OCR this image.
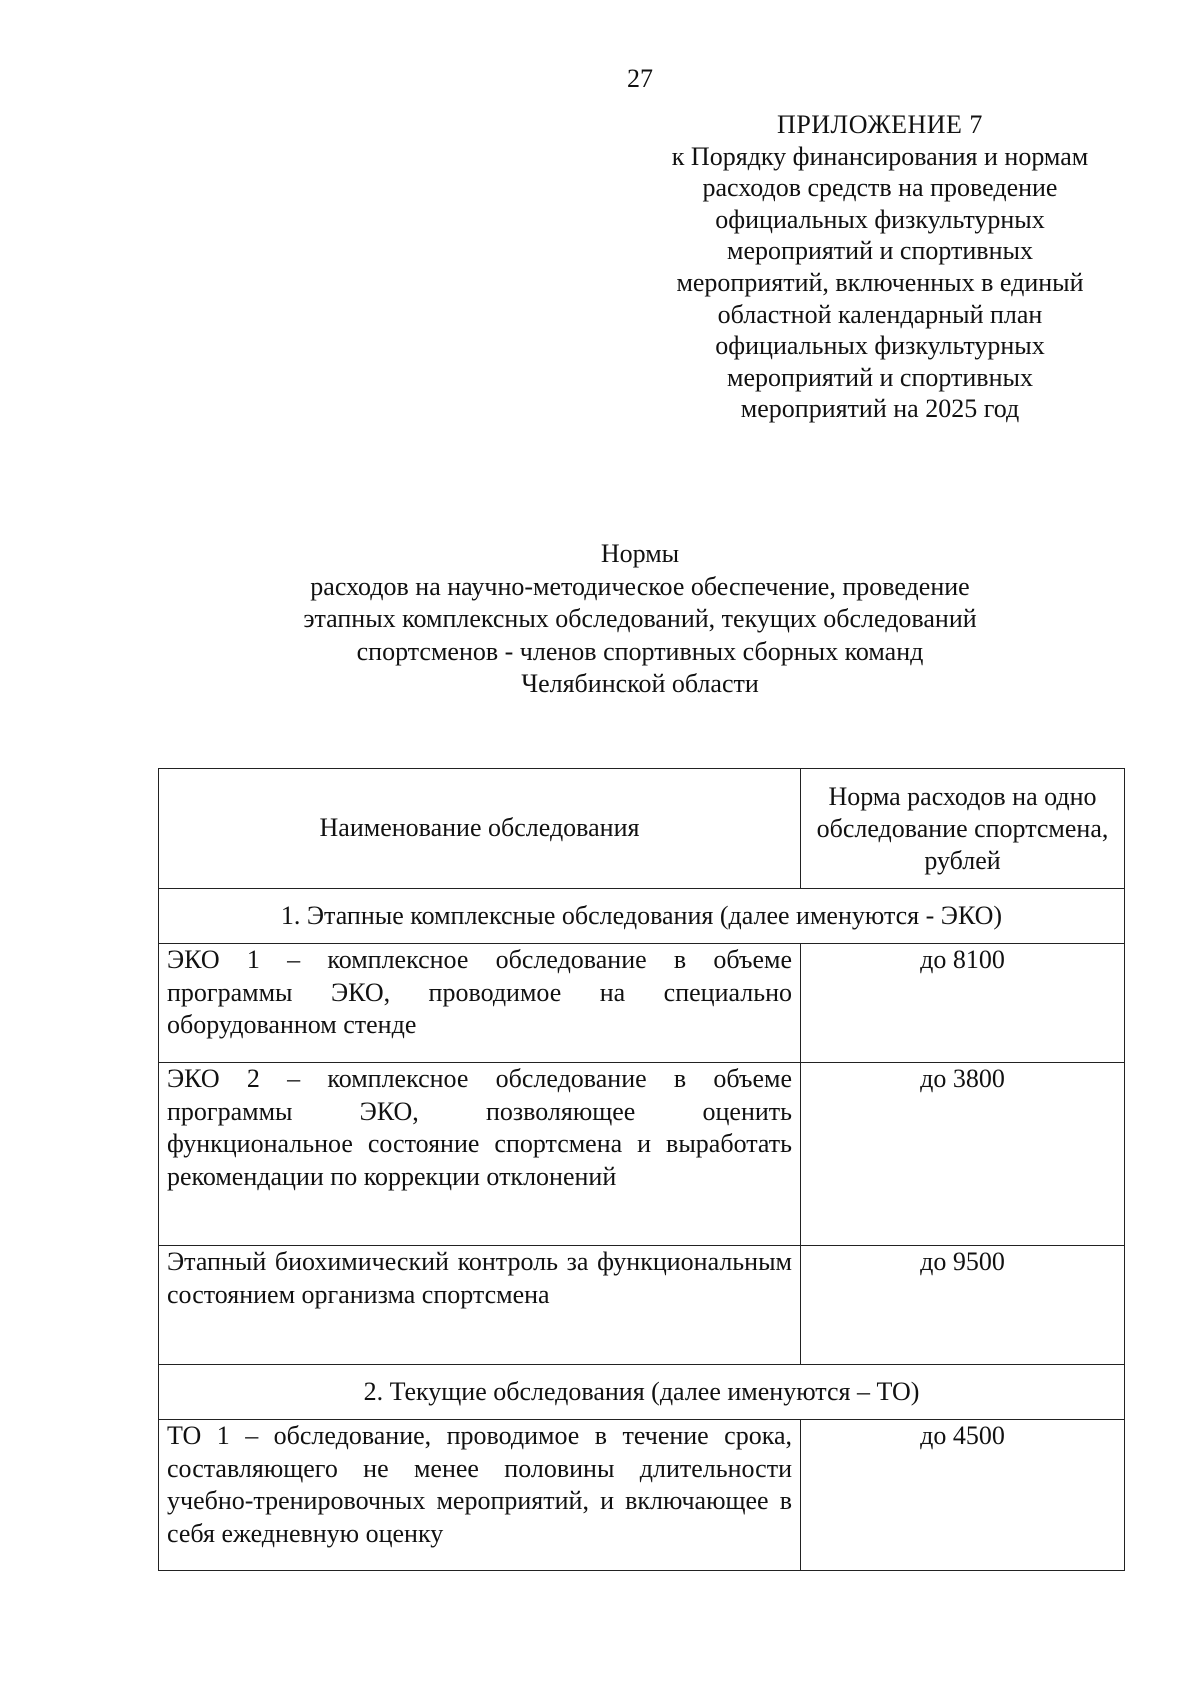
27
ПРИЛОЖЕНИЕ 7
к Порядку финансирования и нормам
расходов средств на проведение
официальных физкультурных
мероприятий и спортивных
мероприятий, включенных в единый
областной календарный план
официальных физкультурных
мероприятий и спортивных
мероприятий на 2025 год
Нормы
расходов на научно-методическое обеспечение, проведение
этапных комплексных обследований, текущих обследований
спортсменов - членов спортивных сборных команд
Челябинской области
Наименование обследования	Норма расходов на одно обследование спортсмена, рублей
1. Этапные комплексные обследования (далее именуются - ЭКО)	
ЭКО 1 – комплексное обследование в объеме программы ЭКО, проводимое на специально оборудованном стенде	до 8100
ЭКО 2 – комплексное обследование в объеме программы ЭКО, позволяющее оценить функциональное состояние спортсмена и выработать рекомендации по коррекции отклонений	до 3800
Этапный биохимический контроль за функциональным состоянием организма спортсмена	до 9500
2. Текущие обследования (далее именуются – ТО)	
ТО 1 – обследование, проводимое в течение срока, составляющего не менее половины длительности учебно-тренировочных мероприятий, и включающее в себя ежедневную оценку	до 4500
